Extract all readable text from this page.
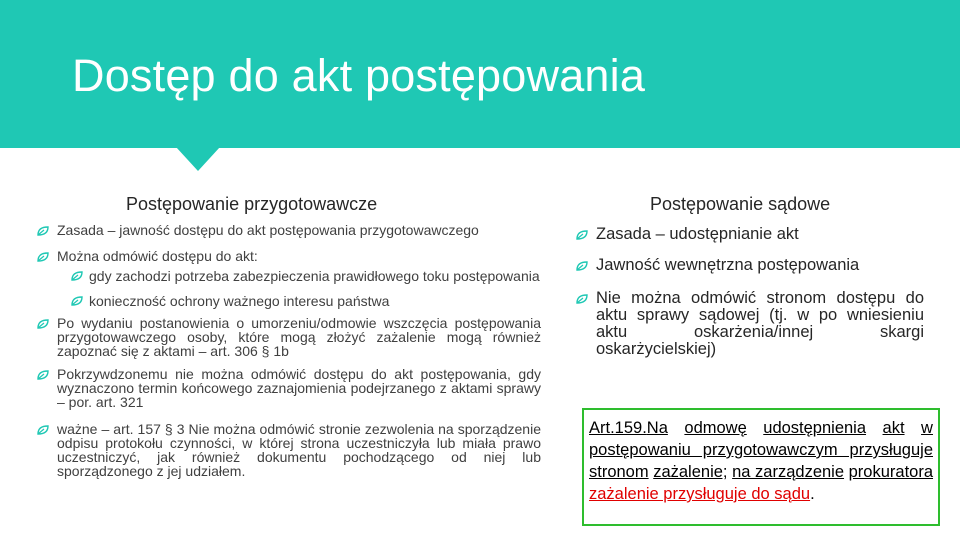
Dostęp do akt postępowania
Postępowanie przygotowawcze
Zasada – jawność dostępu do akt postępowania przygotowawczego
Można odmówić dostępu do akt:
gdy zachodzi potrzeba zabezpieczenia prawidłowego toku postępowania
konieczność ochrony ważnego interesu państwa
Po wydaniu postanowienia o umorzeniu/odmowie wszczęcia postępowania przygotowawczego osoby, które mogą złożyć zażalenie mogą również zapoznać się z aktami – art. 306 § 1b
Pokrzywdzonemu nie można odmówić dostępu do akt postępowania, gdy wyznaczono termin końcowego zaznajomienia podejrzanego z aktami sprawy – por. art. 321
ważne – art. 157 § 3 Nie można odmówić stronie zezwolenia na sporządzenie odpisu protokołu czynności, w której strona uczestniczyła lub miała prawo uczestniczyć, jak również dokumentu pochodzącego od niej lub sporządzonego z jej udziałem.
Postępowanie sądowe
Zasada – udostępnianie akt
Jawność wewnętrzna postępowania
Nie można odmówić stronom dostępu do aktu sprawy sądowej (tj. w po wniesieniu aktu oskarżenia/innej skargi oskarżycielskiej)
Art.159.Na odmowę udostępnienia akt w postępowaniu przygotowawczym przysługuje stronom zażalenie; na zarządzenie prokuratora zażalenie przysługuje do sądu.
